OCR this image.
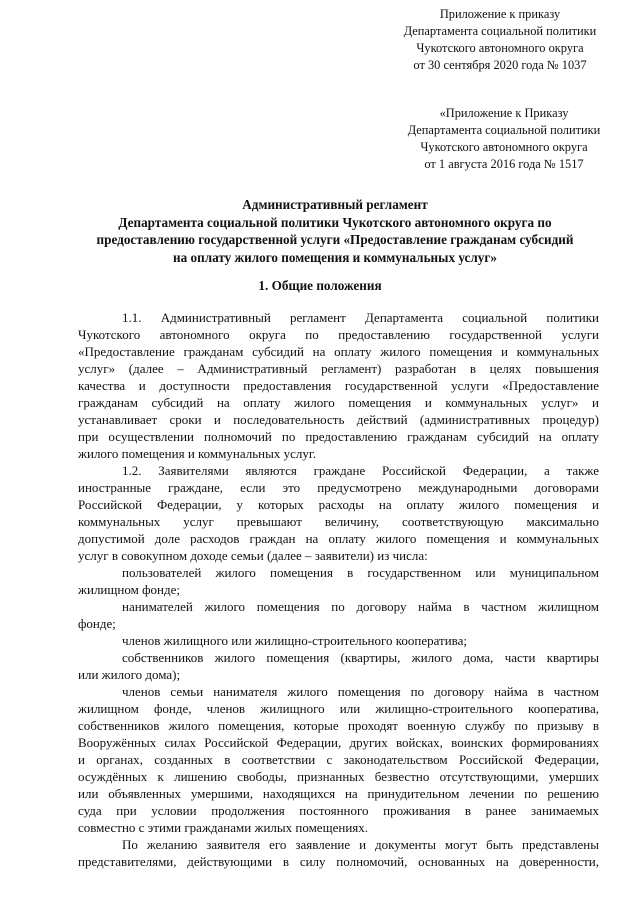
Приложение к приказу
Департамента социальной политики
Чукотского автономного округа
от 30 сентября 2020 года № 1037
«Приложение к Приказу
Департамента социальной политики
Чукотского автономного округа
от 1 августа 2016 года № 1517
Административный регламент
Департамента социальной политики Чукотского автономного округа по
предоставлению государственной услуги «Предоставление гражданам субсидий
на оплату жилого помещения и коммунальных услуг»
1. Общие положения
1.1. Административный регламент Департамента социальной политики
Чукотского автономного округа по предоставлению государственной услуги
«Предоставление гражданам субсидий на оплату жилого помещения и коммунальных
услуг» (далее – Административный регламент) разработан в целях повышения
качества и доступности предоставления государственной услуги «Предоставление
гражданам субсидий на оплату жилого помещения и коммунальных услуг» и
устанавливает сроки и последовательность действий (административных процедур)
при осуществлении полномочий по предоставлению гражданам субсидий на оплату
жилого помещения и коммунальных услуг.
1.2. Заявителями являются граждане Российской Федерации, а также
иностранные граждане, если это предусмотрено международными договорами
Российской Федерации, у которых расходы на оплату жилого помещения и
коммунальных услуг превышают величину, соответствующую максимально
допустимой доле расходов граждан на оплату жилого помещения и коммунальных
услуг в совокупном доходе семьи (далее – заявители) из числа:
пользователей жилого помещения в государственном или муниципальном
жилищном фонде;
нанимателей жилого помещения по договору найма в частном жилищном
фонде;
членов жилищного или жилищно-строительного кооператива;
собственников жилого помещения (квартиры, жилого дома, части квартиры
или жилого дома);
членов семьи нанимателя жилого помещения по договору найма в частном
жилищном фонде, членов жилищного или жилищно-строительного кооператива,
собственников жилого помещения, которые проходят военную службу по призыву в
Вооружённых силах Российской Федерации, других войсках, воинских формированиях
и органах, созданных в соответствии с законодательством Российской Федерации,
осуждённых к лишению свободы, признанных безвестно отсутствующими, умерших
или объявленных умершими, находящихся на принудительном лечении по решению
суда при условии продолжения постоянного проживания в ранее занимаемых
совместно с этими гражданами жилых помещениях.
По желанию заявителя его заявление и документы могут быть представлены
представителями, действующими в силу полномочий, основанных на доверенности,
